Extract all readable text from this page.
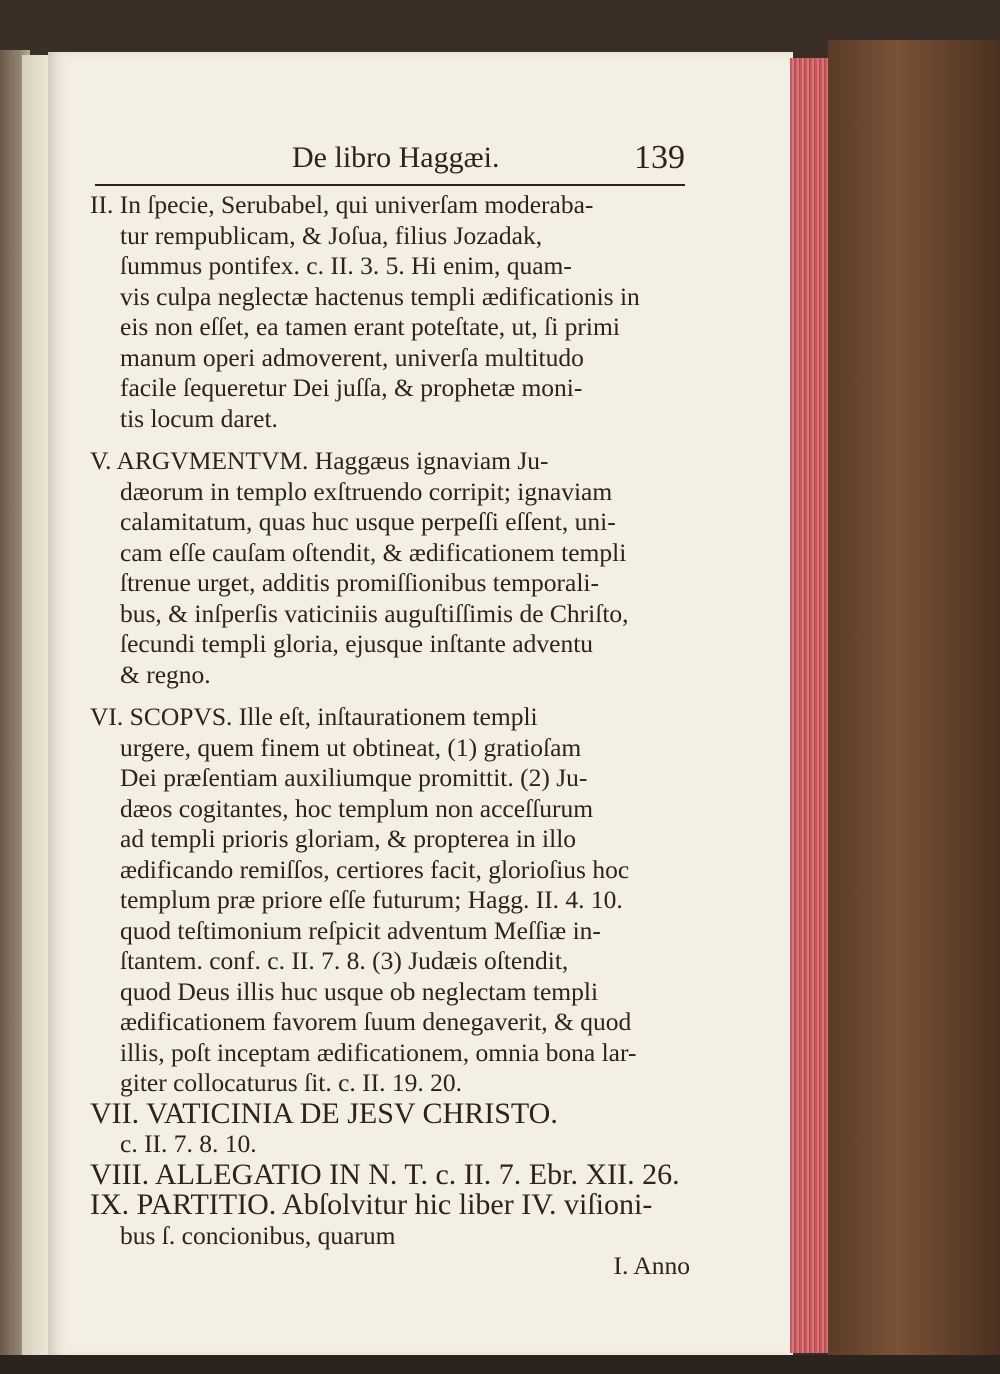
De libro Haggæi.	139
II. In ſpecie, Serubabel, qui univerſam moderaba-
tur rempublicam, & Joſua, filius Jozadak,
ſummus pontifex. c. II. 3. 5. Hi enim, quam-
vis culpa neglectæ hactenus templi ædificationis in
eis non eſſet, ea tamen erant poteſtate, ut, ſi primi
manum operi admoverent, univerſa multitudo
facile ſequeretur Dei juſſa, & prophetæ moni-
tis locum daret.
V. ARGVMENTVM. Haggæus ignaviam Ju-
dæorum in templo exſtruendo corripit; ignaviam
calamitatum, quas huc usque perpeſſi eſſent, uni-
cam eſſe cauſam oſtendit, & ædificationem templi
ſtrenue urget, additis promiſſionibus temporali-
bus, & inſperſis vaticiniis auguſtiſſimis de Chriſto,
ſecundi templi gloria, ejusque inſtante adventu
& regno.
VI. SCOPVS. Ille eſt, inſtaurationem templi
urgere, quem finem ut obtineat, (1) gratioſam
Dei præſentiam auxiliumque promittit. (2) Ju-
dæos cogitantes, hoc templum non acceſſurum
ad templi prioris gloriam, & propterea in illo
ædificando remiſſos, certiores facit, glorioſius hoc
templum præ priore eſſe futurum; Hagg. II. 4. 10.
quod teſtimonium reſpicit adventum Meſſiæ in-
ſtantem. conf. c. II. 7. 8. (3) Judæis oſtendit,
quod Deus illis huc usque ob neglectam templi
ædificationem favorem ſuum denegaverit, & quod
illis, poſt inceptam ædificationem, omnia bona lar-
giter collocaturus ſit. c. II. 19. 20.
VII. VATICINIA DE JESV CHRISTO.
c. II. 7. 8. 10.
VIII. ALLEGATIO IN N. T. c. II. 7. Ebr. XII. 26.
IX. PARTITIO. Abſolvitur hic liber IV. viſioni-
bus ſ. concionibus, quarum
I. Anno
